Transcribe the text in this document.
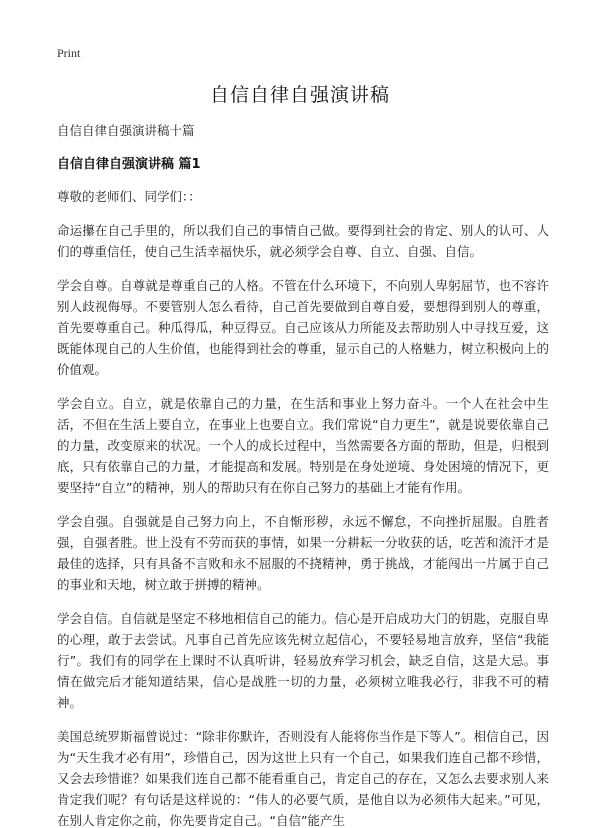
Print
自信自律自强演讲稿
自信自律自强演讲稿十篇
自信自律自强演讲稿 篇1
尊敬的老师们、同学们：：

命运攥在自己手里的，所以我们自己的事情自己做。要得到社会的肯定、别人的认可、人们的尊重信任，使自己生活幸福快乐，就必须学会自尊、自立、自强、自信。

学会自尊。自尊就是尊重自己的人格。不管在什么环境下，不向别人卑躬屈节，也不容许别人歧视侮辱。不要管别人怎么看待，自己首先要做到自尊自爱，要想得到别人的尊重，首先要尊重自己。种瓜得瓜，种豆得豆。自己应该从力所能及去帮助别人中寻找互爱，这既能体现自己的人生价值，也能得到社会的尊重，显示自己的人格魅力，树立积极向上的价值观。

学会自立。自立，就是依靠自己的力量，在生活和事业上努力奋斗。一个人在社会中生活，不但在生活上要自立，在事业上也要自立。我们常说“自力更生”，就是说要依靠自己的力量，改变原来的状况。一个人的成长过程中，当然需要各方面的帮助，但是，归根到底，只有依靠自己的力量，才能提高和发展。特别是在身处逆境、身处困境的情况下，更要坚持“自立”的精神，别人的帮助只有在你自己努力的基础上才能有作用。

学会自强。自强就是自己努力向上，不自惭形秽，永远不懈怠，不向挫折屈服。自胜者强，自强者胜。世上没有不劳而获的事情，如果一分耕耘一分收获的话，吃苦和流汗才是最佳的选择，只有具备不言败和永不屈服的不挠精神，勇于挑战，才能闯出一片属于自己的事业和天地，树立敢于拼搏的精神。

学会自信。自信就是坚定不移地相信自己的能力。信心是开启成功大门的钥匙，克服自卑的心理，敢于去尝试。凡事自己首先应该先树立起信心，不要轻易地言放弃，坚信“我能行”。我们有的同学在上课时不认真听讲，轻易放弃学习机会，缺乏自信，这是大忌。事情在做完后才能知道结果，信心是战胜一切的力量，必须树立唯我必行，非我不可的精神。

美国总统罗斯福曾说过：“除非你默许，否则没有人能将你当作是下等人”。相信自己，因为“天生我才必有用”，珍惜自己，因为这世上只有一个自己，如果我们连自己都不珍惜，又会去珍惜谁？如果我们连自己都不能看重自己，肯定自己的存在，又怎么去要求别人来肯定我们呢？有句话是这样说的：“伟人的必要气质，是他自以为必须伟大起来。”可见，在别人肯定你之前，你先要肯定自己。“自信”能产生
